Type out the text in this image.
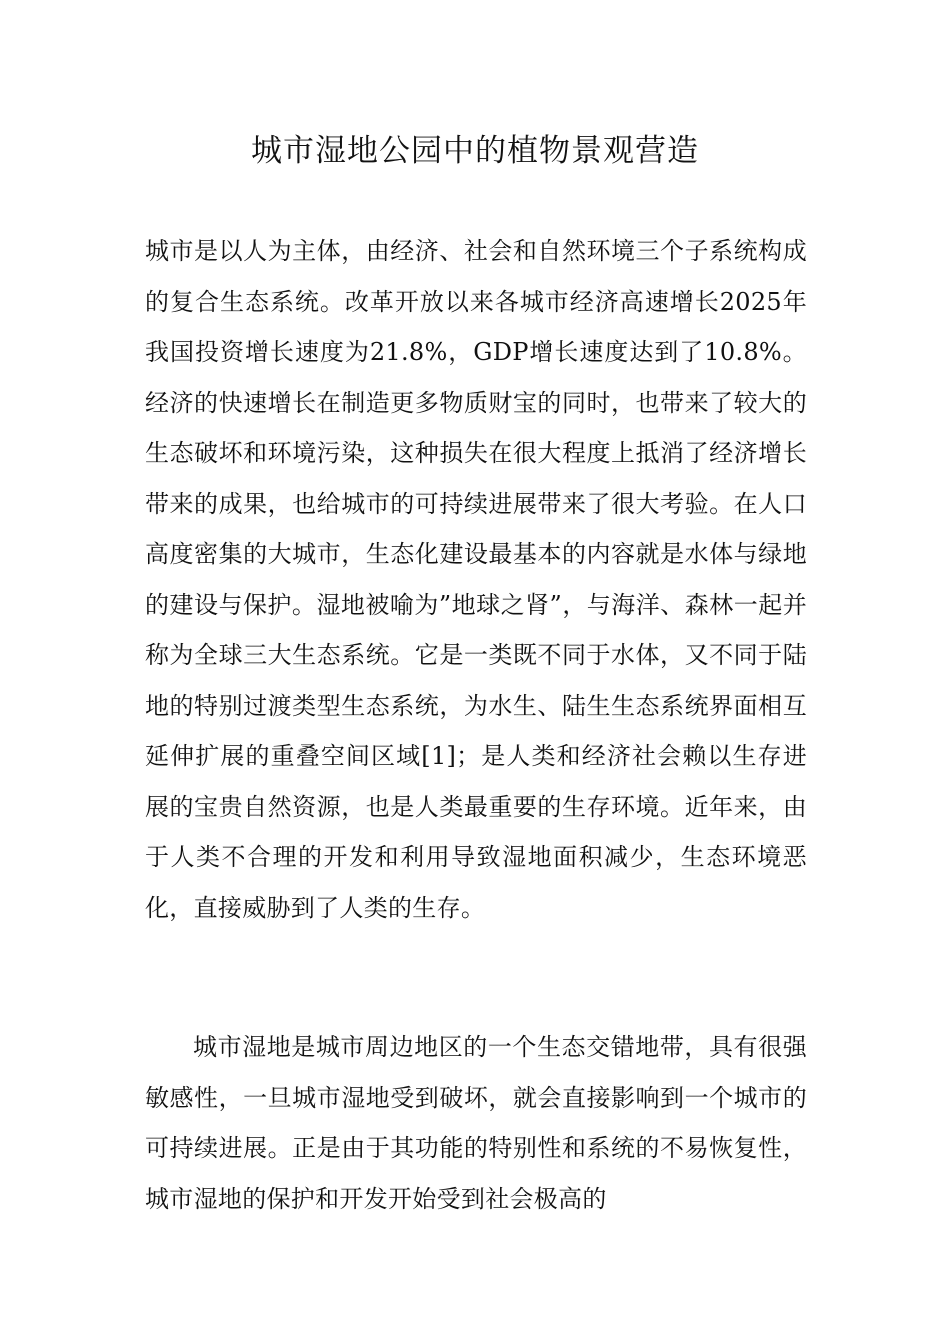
城市湿地公园中的植物景观营造

城市是以人为主体，由经济、社会和自然环境三个子系统构成的复合生态系统。改革开放以来各城市经济高速增长2025年我国投资增长速度为21.8%，GDP增长速度达到了10.8%。经济的快速增长在制造更多物质财宝的同时，也带来了较大的生态破坏和环境污染，这种损失在很大程度上抵消了经济增长带来的成果，也给城市的可持续进展带来了很大考验。在人口高度密集的大城市，生态化建设最基本的内容就是水体与绿地的建设与保护。湿地被喻为”地球之肾”，与海洋、森林一起并称为全球三大生态系统。它是一类既不同于水体，又不同于陆地的特别过渡类型生态系统，为水生、陆生生态系统界面相互延伸扩展的重叠空间区域[1]；是人类和经济社会赖以生存进展的宝贵自然资源，也是人类最重要的生存环境。近年来，由于人类不合理的开发和利用导致湿地面积减少，生态环境恶化，直接威胁到了人类的生存。

城市湿地是城市周边地区的一个生态交错地带，具有很强敏感性，一旦城市湿地受到破坏，就会直接影响到一个城市的可持续进展。正是由于其功能的特别性和系统的不易恢复性，城市湿地的保护和开发开始受到社会极高的
